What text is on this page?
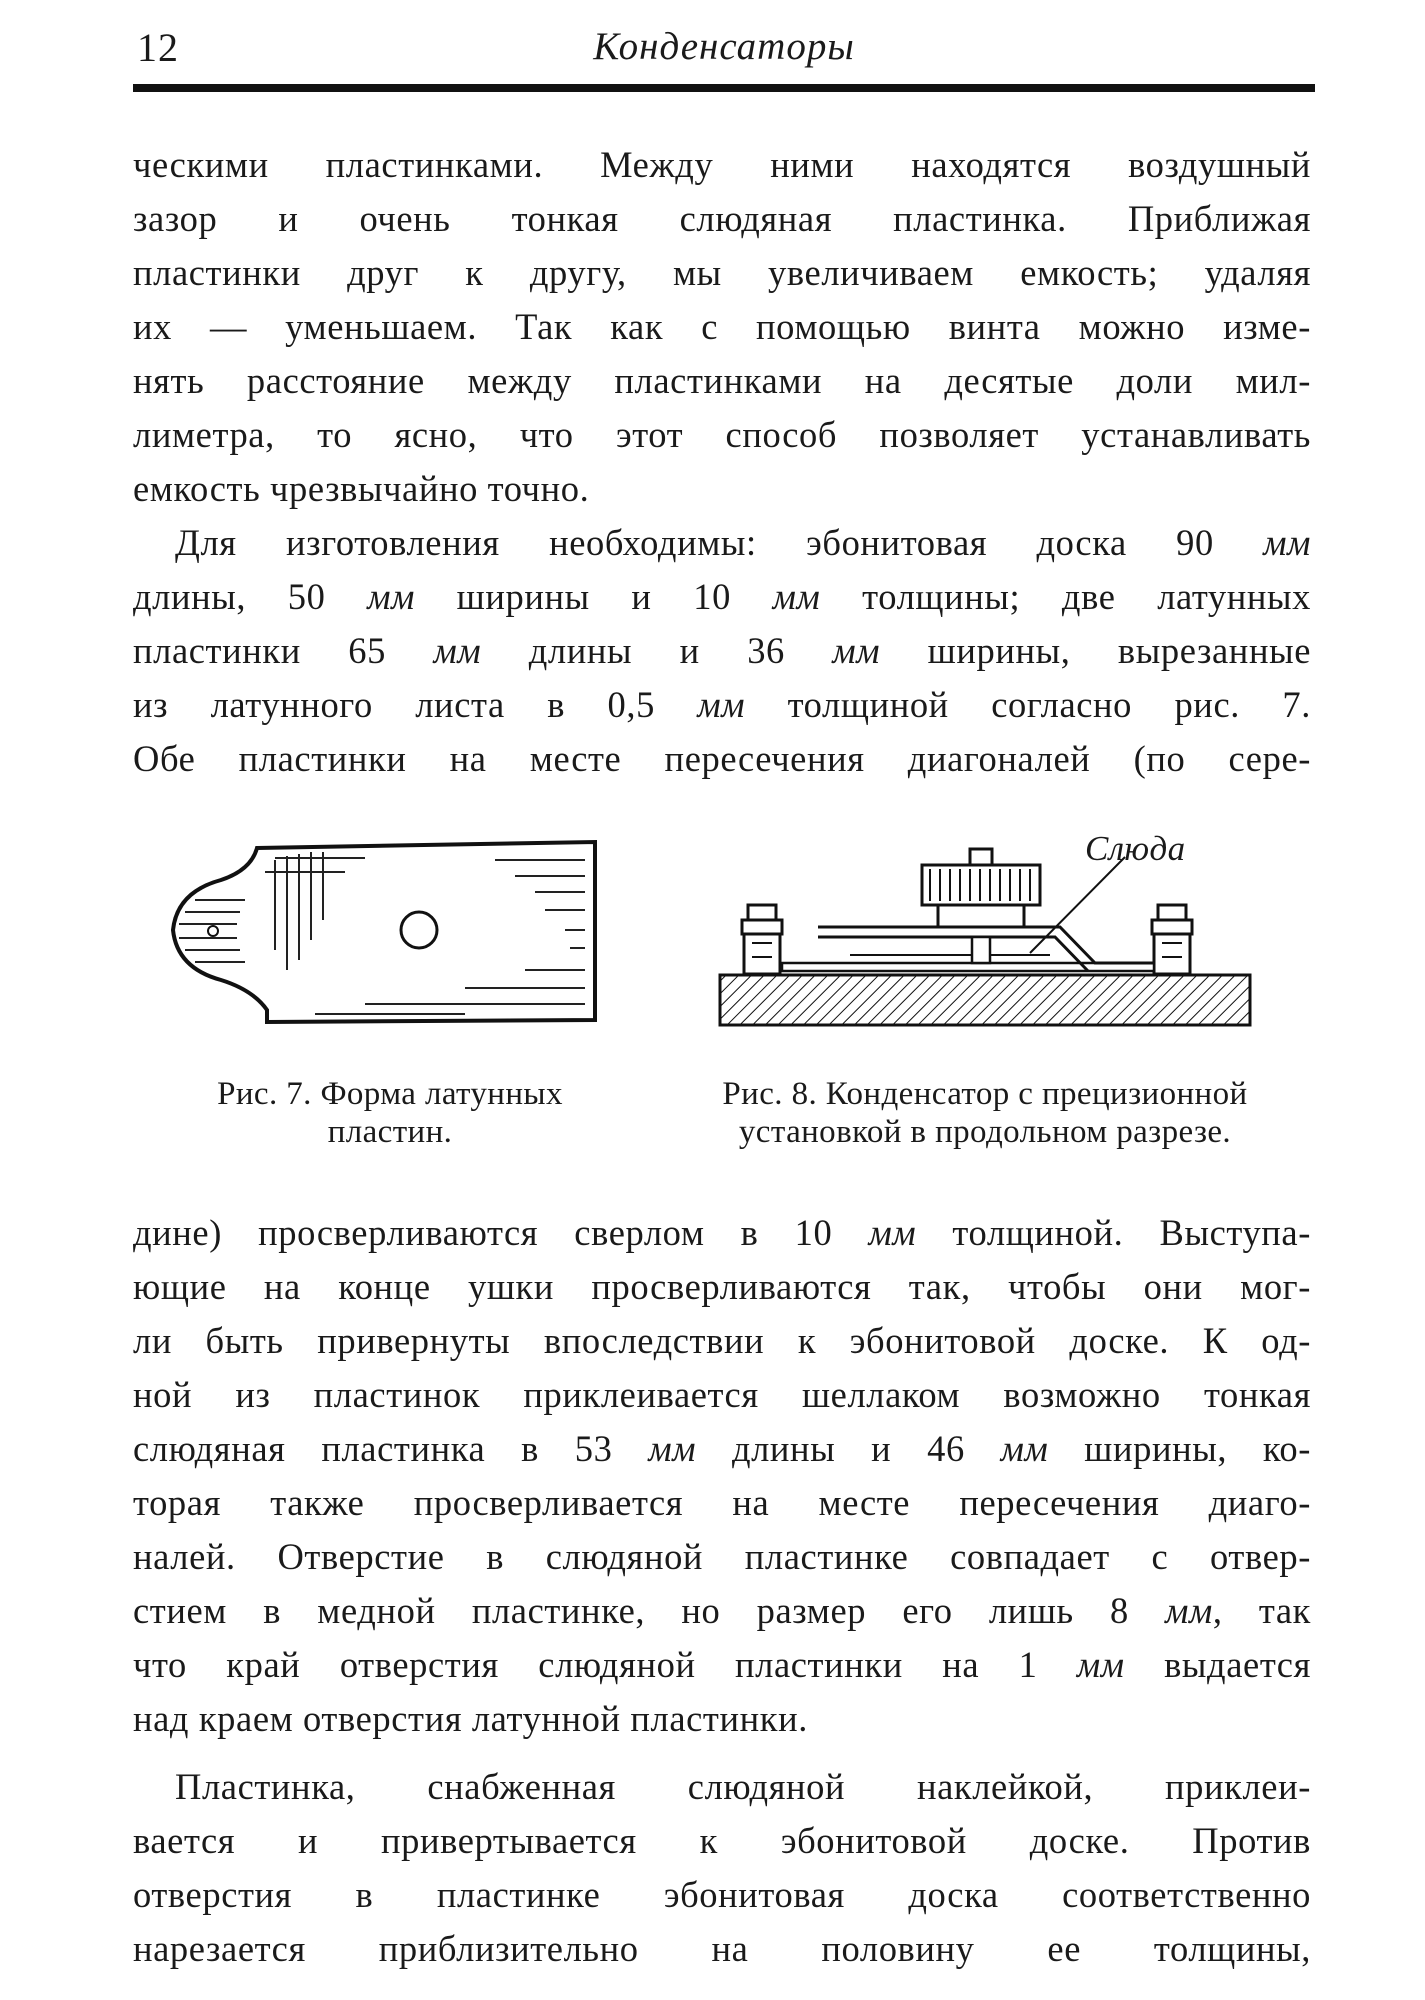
12	Конденсаторы

ческими пластинками. Между ними находятся воздушный
зазор и очень тонкая слюдяная пластинка. Приближая
пластинки друг к другу, мы увеличиваем емкость; удаляя
их — уменьшаем. Так как с помощью винта можно изме-
нять расстояние между пластинками на десятые доли мил-
лиметра, то ясно, что этот способ позволяет устанавливать
емкость чрезвычайно точно.

Для изготовления необходимы: эбонитовая доска 90 мм
длины, 50 мм ширины и 10 мм толщины; две латунных
пластинки 65 мм длины и 36 мм ширины, вырезанные
из латунного листа в 0,5 мм толщиной согласно рис. 7.
Обе пластинки на месте пересечения диагоналей (по сере-

Слюда
Рис. 7. Форма латунных
пластин.
Рис. 8. Конденсатор с прецизионной
установкой в продольном разрезе.

дине) просверливаются сверлом в 10 мм толщиной. Выступа-
ющие на конце ушки просверливаются так, чтобы они мог-
ли быть привернуты впоследствии к эбонитовой доске. К од-
ной из пластинок приклеивается шеллаком возможно тонкая
слюдяная пластинка в 53 мм длины и 46 мм ширины, ко-
торая также просверливается на месте пересечения диаго-
налей. Отверстие в слюдяной пластинке совпадает с отвер-
стием в медной пластинке, но размер его лишь 8 мм, так
что край отверстия слюдяной пластинки на 1 мм выдается
над краем отверстия латунной пластинки.

Пластинка, снабженная слюдяной наклейкой, приклеи-
вается и привертывается к эбонитовой доске. Против
отверстия в пластинке эбонитовая доска соответственно
нарезается приблизительно на половину ее толщины,
